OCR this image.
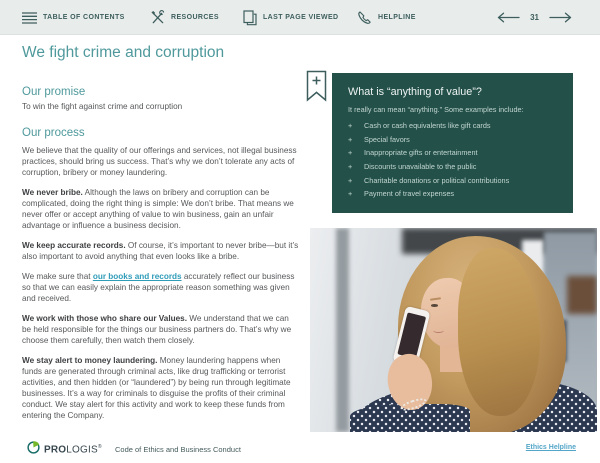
TABLE OF CONTENTS	RESOURCES	LAST PAGE VIEWED	HELPLINE	31
We fight crime and corruption
Our promise

To win the fight against crime and corruption

Our process

We believe that the quality of our offerings and services, not illegal business practices, should bring us success. That’s why we don’t tolerate any acts of corruption, bribery or money laundering.

We never bribe. Although the laws on bribery and corruption can be complicated, doing the right thing is simple: We don’t bribe. That means we never offer or accept anything of value to win business, gain an unfair advantage or influence a business decision.

We keep accurate records. Of course, it’s important to never bribe—but it’s also important to avoid anything that even looks like a bribe.

We make sure that our books and records accurately reflect our business so that we can easily explain the appropriate reason something was given and received.

We work with those who share our Values. We understand that we can be held responsible for the things our business partners do. That’s why we choose them carefully, then watch them closely.

We stay alert to money laundering. Money laundering happens when funds are generated through criminal acts, like drug trafficking or terrorist activities, and then hidden (or “laundered”) by being run through legitimate businesses. It’s a way for criminals to disguise the profits of their criminal conduct. We stay alert for this activity and work to keep these funds from entering the Company.

What is “anything of value”?

It really can mean “anything.” Some examples include:

+	Cash or cash equivalents like gift cards
+	Special favors
+	Inappropriate gifts or entertainment
+	Discounts unavailable to the public
+	Charitable donations or political contributions
+	Payment of travel expenses
PROLOGIS® Code of Ethics and Business Conduct	Ethics Helpline
